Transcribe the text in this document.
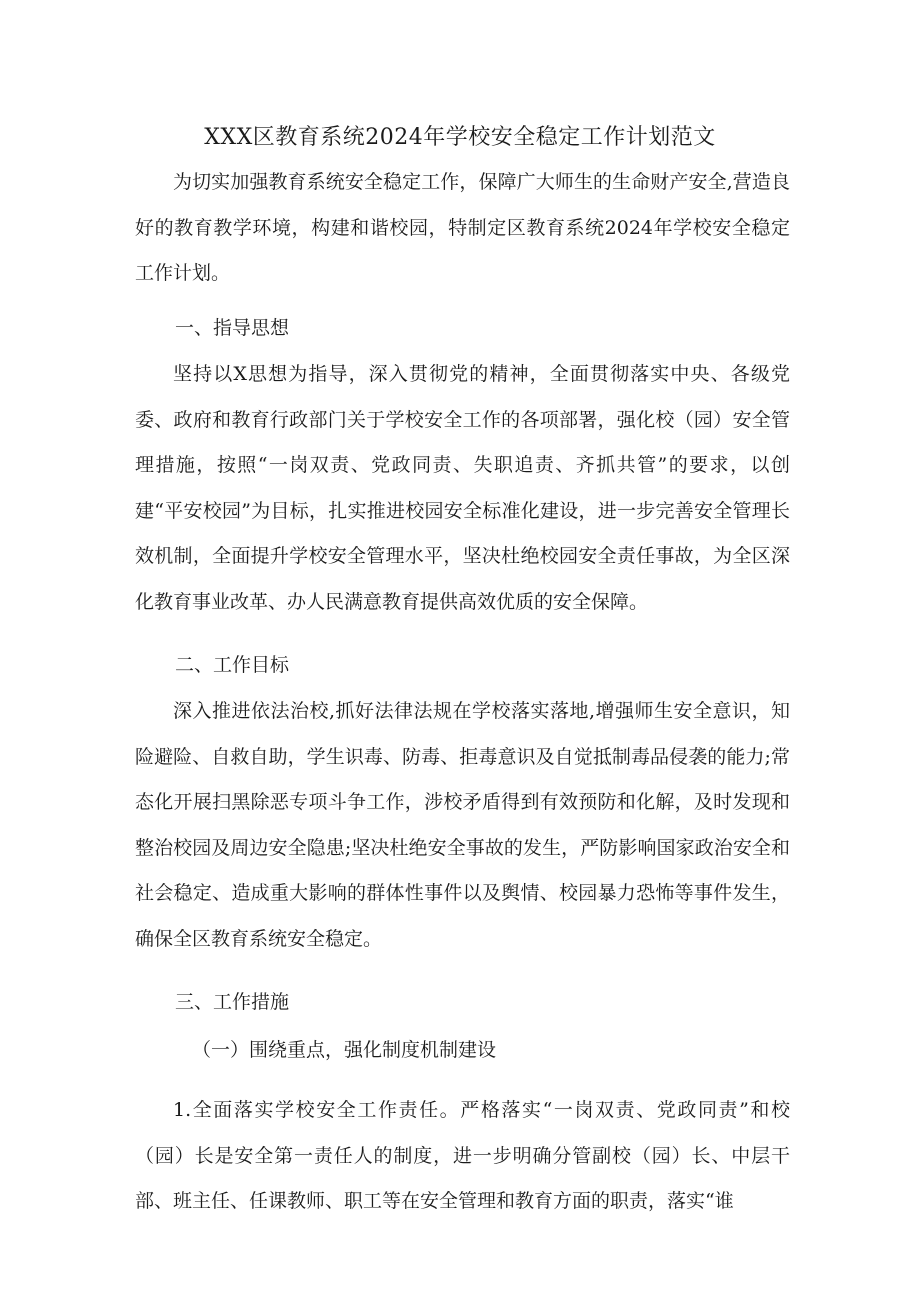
XXX区教育系统2024年学校安全稳定工作计划范文

为切实加强教育系统安全稳定工作，保障广大师生的生命财产安全,营造良好的教育教学环境，构建和谐校园，特制定区教育系统2024年学校安全稳定工作计划。

一、指导思想

坚持以X思想为指导，深入贯彻党的精神，全面贯彻落实中央、各级党委、政府和教育行政部门关于学校安全工作的各项部署，强化校（园）安全管理措施，按照“一岗双责、党政同责、失职追责、齐抓共管”的要求，以创建“平安校园”为目标，扎实推进校园安全标准化建设，进一步完善安全管理长效机制，全面提升学校安全管理水平，坚决杜绝校园安全责任事故，为全区深化教育事业改革、办人民满意教育提供高效优质的安全保障。

二、工作目标

深入推进依法治校,抓好法律法规在学校落实落地,增强师生安全意识，知险避险、自救自助，学生识毒、防毒、拒毒意识及自觉抵制毒品侵袭的能力;常态化开展扫黑除恶专项斗争工作，涉校矛盾得到有效预防和化解，及时发现和整治校园及周边安全隐患;坚决杜绝安全事故的发生，严防影响国家政治安全和社会稳定、造成重大影响的群体性事件以及舆情、校园暴力恐怖等事件发生，确保全区教育系统安全稳定。

三、工作措施

（一）围绕重点，强化制度机制建设

1.全面落实学校安全工作责任。严格落实“一岗双责、党政同责”和校（园）长是安全第一责任人的制度，进一步明确分管副校（园）长、中层干部、班主任、任课教师、职工等在安全管理和教育方面的职责，落实“谁
